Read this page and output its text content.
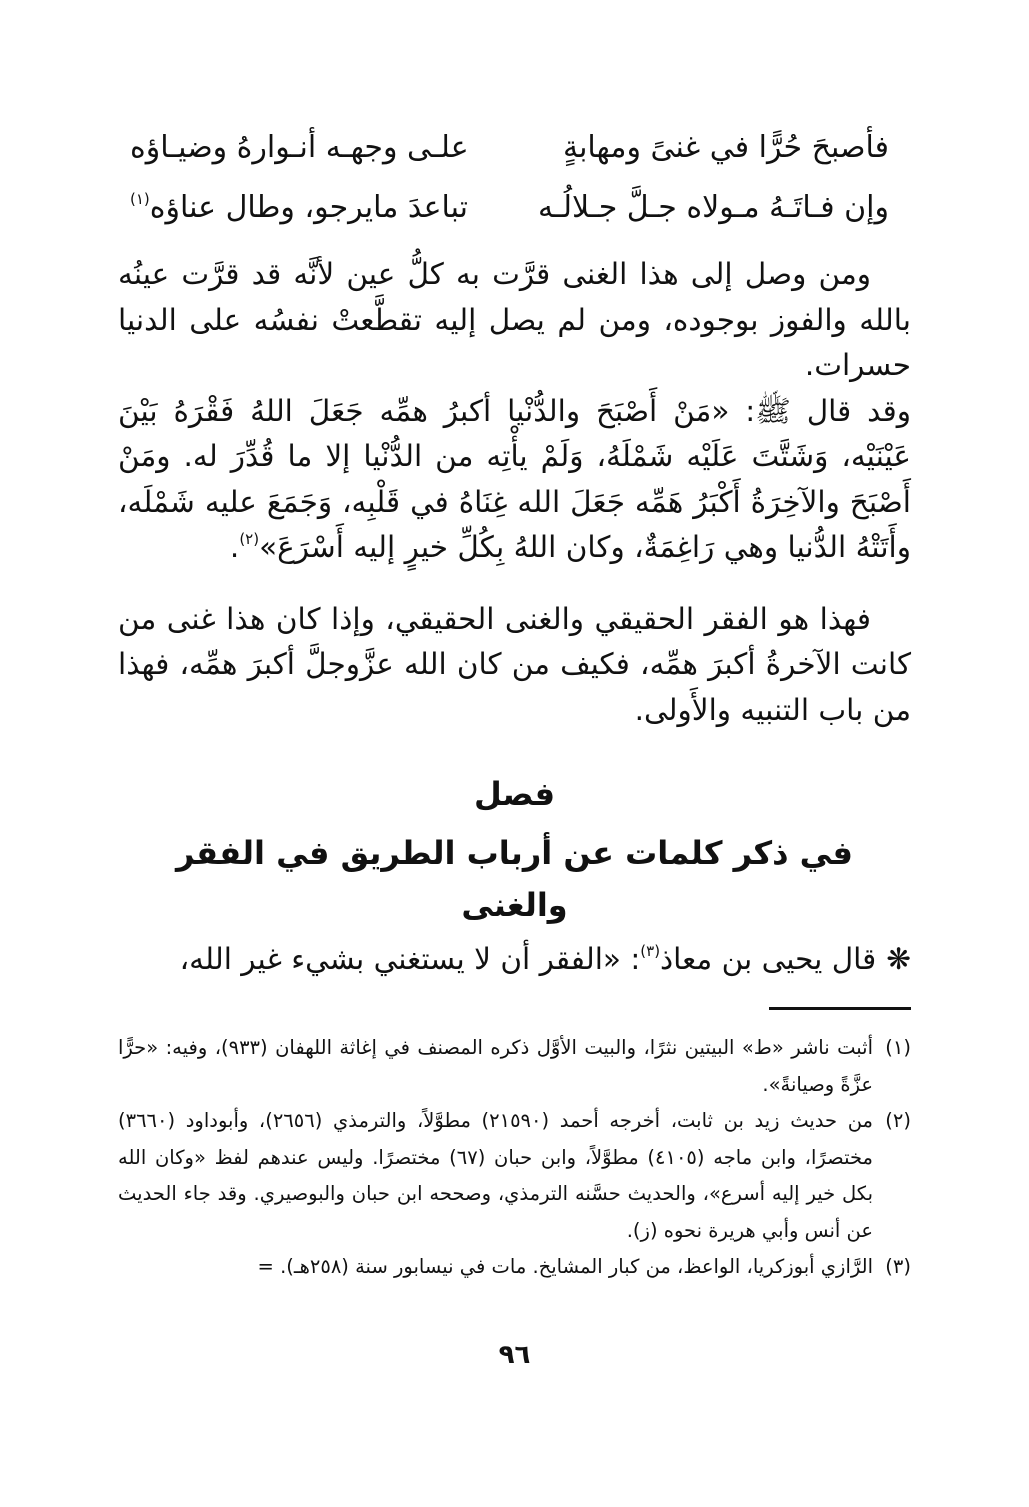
فأصبحَ حُرًّا في غنىً ومهابةٍ
علـى وجهـه أنـوارهُ وضيـاؤه
وإن فـاتَـهُ مـولاه جـلَّ جـلالُـه
تباعدَ مايرجو، وطال عناؤه$^{(١)}$

ومن وصل إلى هذا الغنى قرَّت به كلُّ عين لأنَّه قد قرَّت عينُه بالله والفوز بوجوده، ومن لم يصل إليه تقطَّعتْ نفسُه على الدنيا حسرات.

وقد قال ﷺ: «مَنْ أَصْبَحَ والدُّنْيا أكبرُ همِّه جَعَلَ اللهُ فَقْرَهُ بَيْنَ عَيْنَيْه، وَشَتَّتَ عَلَيْه شَمْلَهُ، وَلَمْ يأْتِه من الدُّنْيا إلا ما قُدِّرَ له. ومَنْ أَصْبَحَ والآخِرَةُ أَكْبَرُ هَمِّه جَعَلَ الله غِنَاهُ في قَلْبِه، وَجَمَعَ عليه شَمْلَه، وأَتَتْهُ الدُّنيا وهي رَاغِمَةٌ، وكان اللهُ بِكُلِّ خيرٍ إليه أَسْرَعَ»$^{(٢)}$.

فهذا هو الفقر الحقيقي والغنى الحقيقي، وإذا كان هذا غنى من كانت الآخرةُ أكبرَ همِّه، فكيف من كان الله عزَّوجلَّ أكبرَ همِّه، فهذا من باب التنبيه والأَولى.

فصل
في ذكر كلمات عن أرباب الطريق في الفقر والغنى

❋قال يحيى بن معاذ$^{(٣)}$: «الفقر أن لا يستغني بشيء غير الله،

(١)
أثبت ناشر «ط» البيتين نثرًا، والبيت الأوَّل ذكره المصنف في إغاثة اللهفان (٩٣٣)، وفيه: «حرًّا عزَّةً وصيانةً».
(٢)
من حديث زيد بن ثابت، أخرجه أحمد (٢١٥٩٠) مطوَّلاً، والترمذي (٢٦٥٦)، وأبوداود (٣٦٦٠) مختصرًا، وابن ماجه (٤١٠٥) مطوَّلاً، وابن حبان (٦٧) مختصرًا. وليس عندهم لفظ «وكان الله بكل خير إليه أسرع»، والحديث حسَّنه الترمذي، وصححه ابن حبان والبوصيري. وقد جاء الحديث عن أنس وأبي هريرة نحوه (ز).
(٣)
الرَّازي أبوزكريا، الواعظ، من كبار المشايخ. مات في نيسابور سنة (٢٥٨هـ). =
٩٦
